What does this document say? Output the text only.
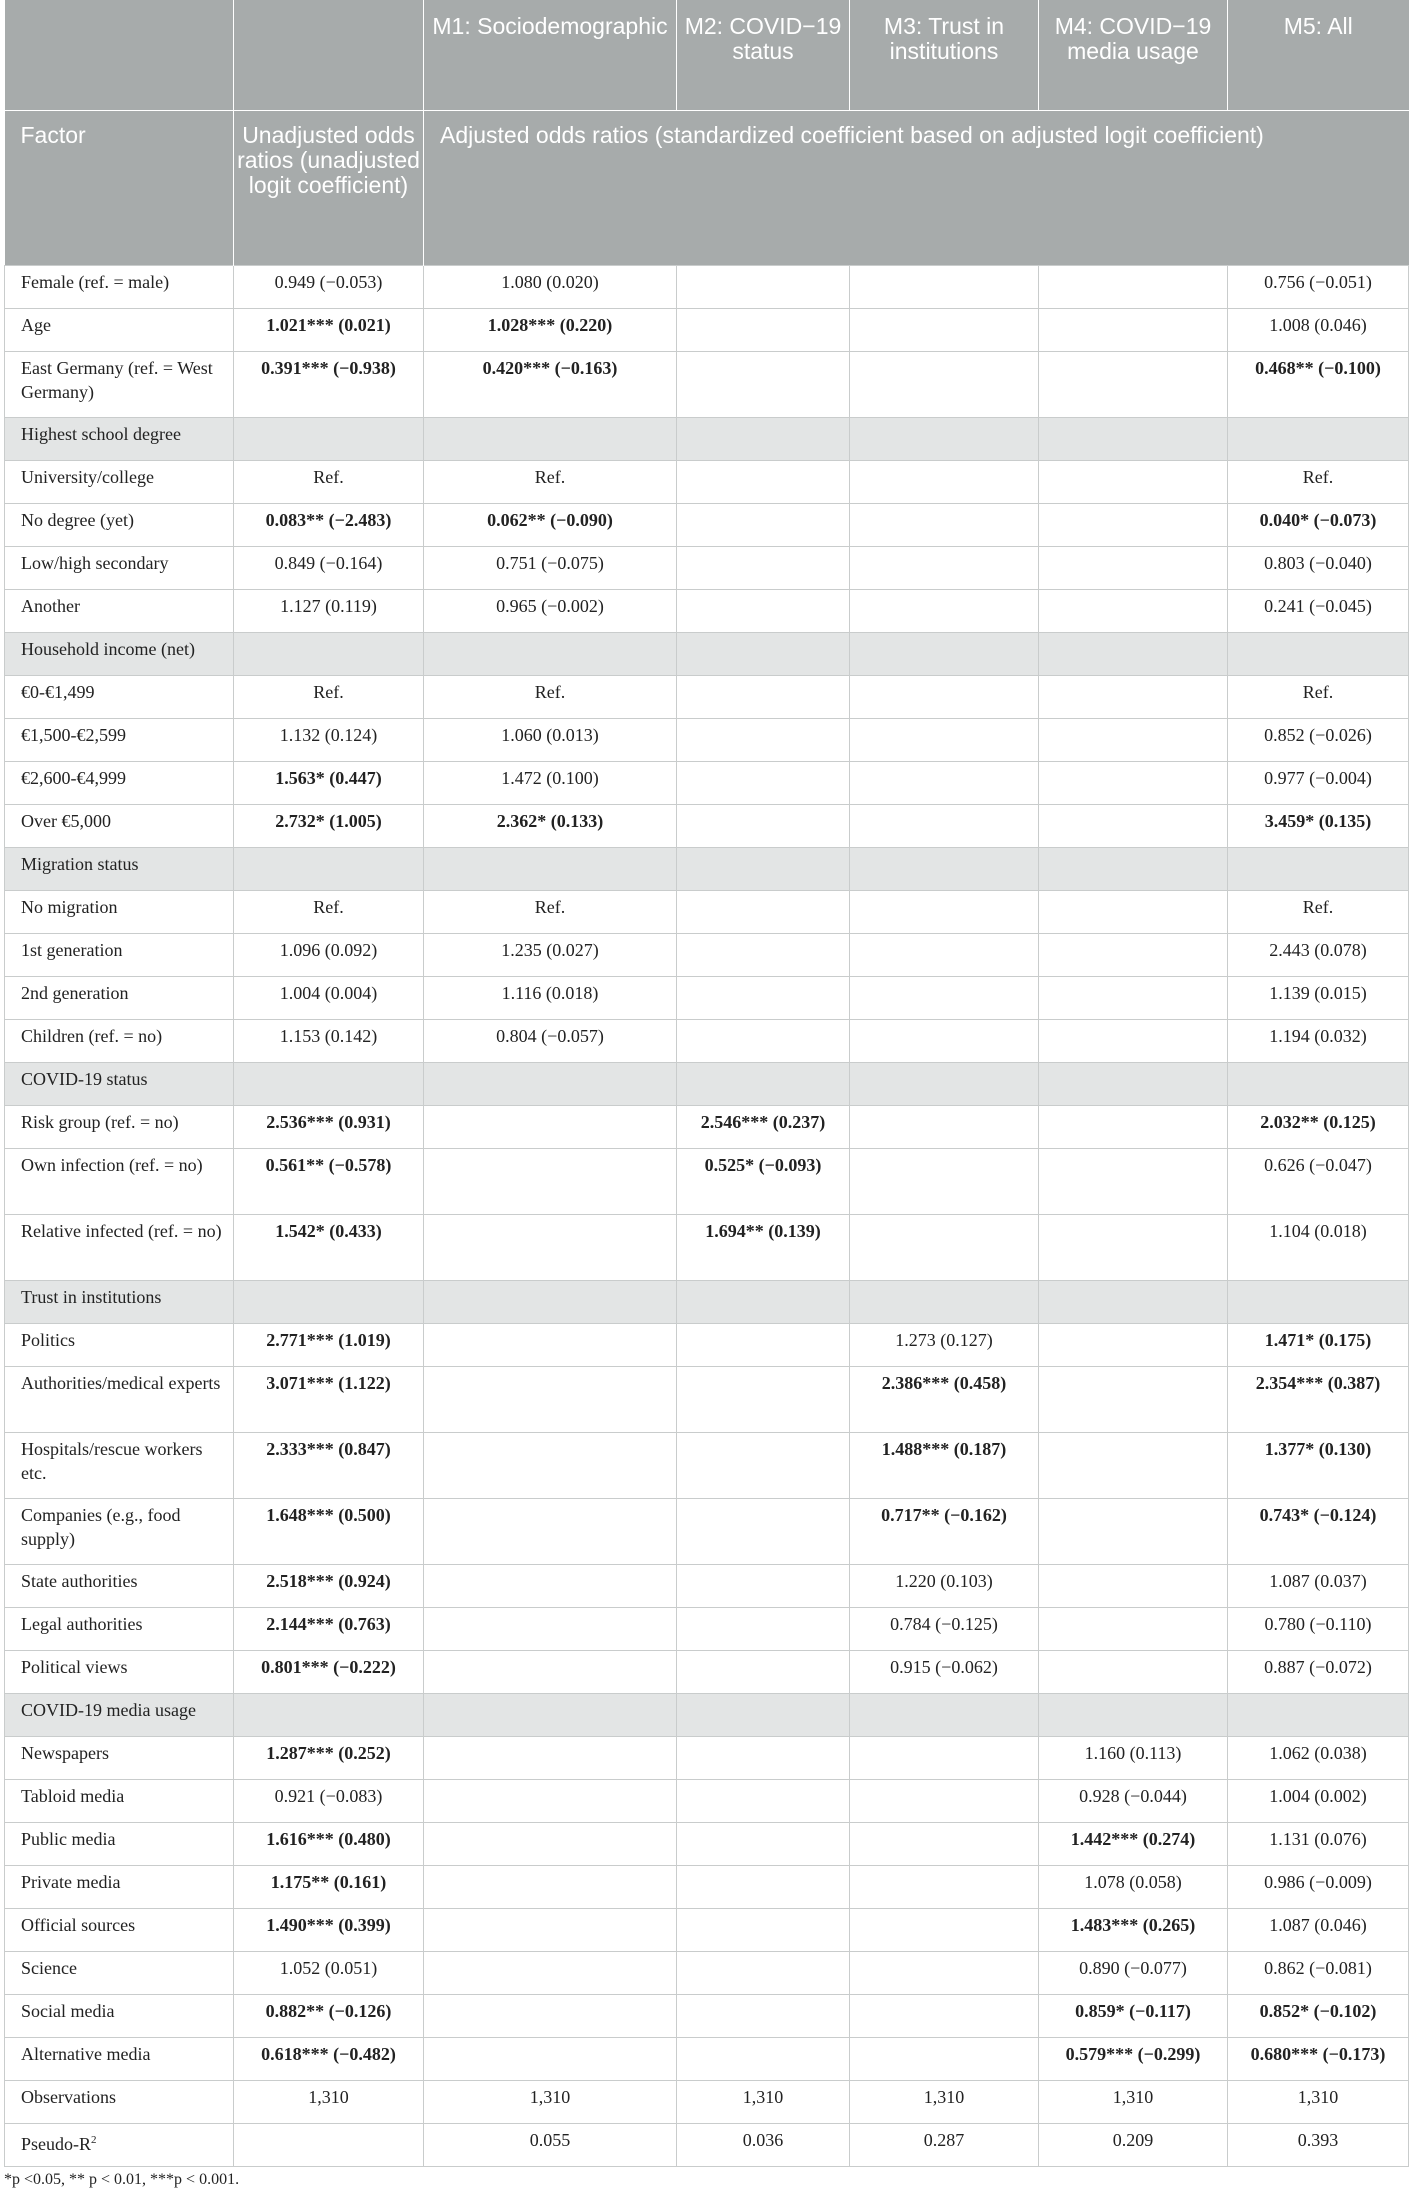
		M1: Sociodemographic	M2: COVID−19 status	M3: Trust in institutions	M4: COVID−19 media usage	M5: All
Factor	Unadjusted odds ratios (unadjusted logit coefficient)	Adjusted odds ratios (standardized coefficient based on adjusted logit coefficient)				
Female (ref. = male)	0.949 (−0.053)	1.080 (0.020)				0.756 (−0.051)
Age	1.021*** (0.021)	1.028*** (0.220)				1.008 (0.046)
East Germany (ref. = West Germany)	0.391*** (−0.938)	0.420*** (−0.163)				0.468** (−0.100)
Highest school degree						
University/college	Ref.	Ref.				Ref.
No degree (yet)	0.083** (−2.483)	0.062** (−0.090)				0.040* (−0.073)
Low/high secondary	0.849 (−0.164)	0.751 (−0.075)				0.803 (−0.040)
Another	1.127 (0.119)	0.965 (−0.002)				0.241 (−0.045)
Household income (net)						
€0-€1,499	Ref.	Ref.				Ref.
€1,500-€2,599	1.132 (0.124)	1.060 (0.013)				0.852 (−0.026)
€2,600-€4,999	1.563* (0.447)	1.472 (0.100)				0.977 (−0.004)
Over €5,000	2.732* (1.005)	2.362* (0.133)				3.459* (0.135)
Migration status						
No migration	Ref.	Ref.				Ref.
1st generation	1.096 (0.092)	1.235 (0.027)				2.443 (0.078)
2nd generation	1.004 (0.004)	1.116 (0.018)				1.139 (0.015)
Children (ref. = no)	1.153 (0.142)	0.804 (−0.057)				1.194 (0.032)
COVID-19 status						
Risk group (ref. = no)	2.536*** (0.931)		2.546*** (0.237)			2.032** (0.125)
Own infection (ref. = no)	0.561** (−0.578)		0.525* (−0.093)			0.626 (−0.047)
Relative infected (ref. = no)	1.542* (0.433)		1.694** (0.139)			1.104 (0.018)
Trust in institutions						
Politics	2.771*** (1.019)			1.273 (0.127)		1.471* (0.175)
Authorities/medical experts	3.071*** (1.122)			2.386*** (0.458)		2.354*** (0.387)
Hospitals/rescue workers etc.	2.333*** (0.847)			1.488*** (0.187)		1.377* (0.130)
Companies (e.g., food supply)	1.648*** (0.500)			0.717** (−0.162)		0.743* (−0.124)
State authorities	2.518*** (0.924)			1.220 (0.103)		1.087 (0.037)
Legal authorities	2.144*** (0.763)			0.784 (−0.125)		0.780 (−0.110)
Political views	0.801*** (−0.222)			0.915 (−0.062)		0.887 (−0.072)
COVID-19 media usage						
Newspapers	1.287*** (0.252)				1.160 (0.113)	1.062 (0.038)
Tabloid media	0.921 (−0.083)				0.928 (−0.044)	1.004 (0.002)
Public media	1.616*** (0.480)				1.442*** (0.274)	1.131 (0.076)
Private media	1.175** (0.161)				1.078 (0.058)	0.986 (−0.009)
Official sources	1.490*** (0.399)				1.483*** (0.265)	1.087 (0.046)
Science	1.052 (0.051)				0.890 (−0.077)	0.862 (−0.081)
Social media	0.882** (−0.126)				0.859* (−0.117)	0.852* (−0.102)
Alternative media	0.618*** (−0.482)				0.579*** (−0.299)	0.680*** (−0.173)
Observations	1,310	1,310	1,310	1,310	1,310	1,310
Pseudo-$R^2$		0.055	0.036	0.287	0.209	0.393
*p <0.05, ** p < 0.01, ***p < 0.001.
